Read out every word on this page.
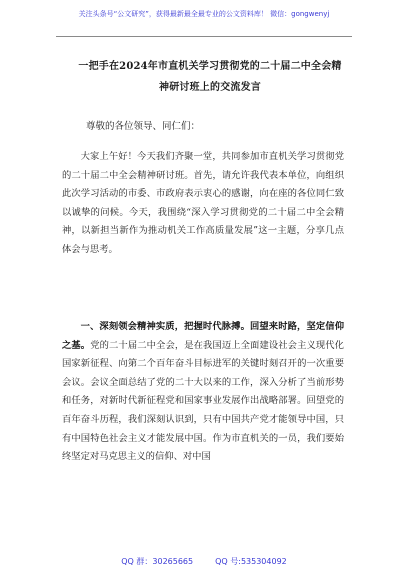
关注头条号“公文研究”，获得最新最全最专业的公文资料库！ 微信：gongwenyj
一把手在2024年市直机关学习贯彻党的二十届二中全会精
神研讨班上的交流发言
尊敬的各位领导、同仁们：

大家上午好！今天我们齐聚一堂，共同参加市直机关学习贯彻党的二十届二中全会精神研讨班。首先，请允许我代表本单位，向组织此次学习活动的市委、市政府表示衷心的感谢，向在座的各位同仁致以诚挚的问候。今天，我围绕“深入学习贯彻党的二十届二中全会精神，以新担当新作为推动机关工作高质量发展”这一主题，分享几点体会与思考。

一、深刻领会精神实质，把握时代脉搏。回望来时路，坚定信仰之基。党的二十届二中全会，是在我国迈上全面建设社会主义现代化国家新征程、向第二个百年奋斗目标进军的关键时刻召开的一次重要会议。会议全面总结了党的二十大以来的工作，深入分析了当前形势和任务，对新时代新征程党和国家事业发展作出战略部署。回望党的百年奋斗历程，我们深刻认识到，只有中国共产党才能领导中国，只有中国特色社会主义才能发展中国。作为市直机关的一员，我们要始终坚定对马克思主义的信仰、对中国

QQ 群：30265665	QQ 号:535304092
